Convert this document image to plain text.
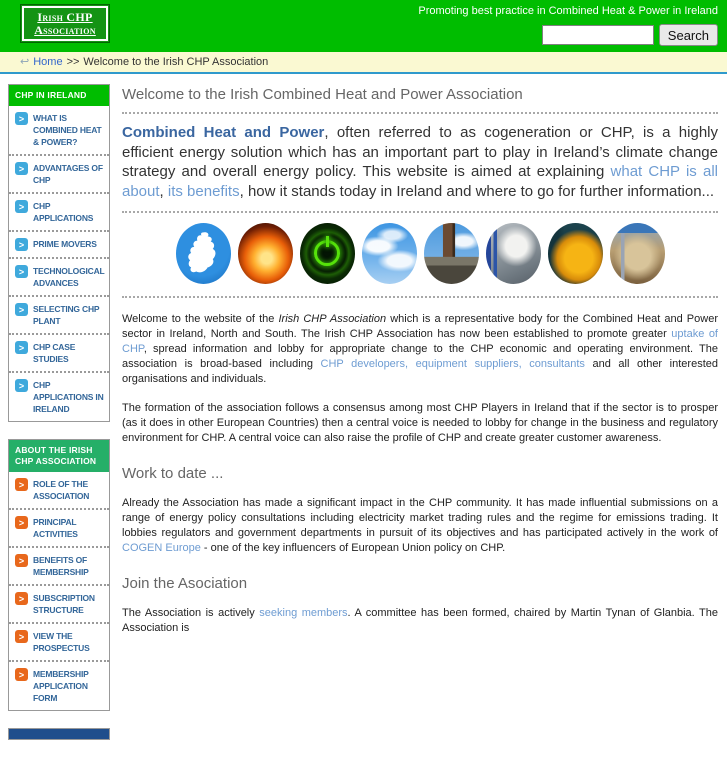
Irish CHP
Association
Promoting best practice in Combined Heat & Power in Ireland
Search
↩ Home >> Welcome to the Irish CHP Association
CHP IN IRELAND
>	WHAT IS COMBINED HEAT & POWER?
>	ADVANTAGES OF CHP
>	CHP APPLICATIONS
>	PRIME MOVERS
>	TECHNOLOGICAL ADVANCES
>	SELECTING CHP PLANT
>	CHP CASE STUDIES
>	CHP APPLICATIONS IN IRELAND
ABOUT THE IRISH CHP ASSOCIATION
>	ROLE OF THE ASSOCIATION
>	PRINCIPAL ACTIVITIES
>	BENEFITS OF MEMBERSHIP
>	SUBSCRIPTION STRUCTURE
>	VIEW THE PROSPECTUS
>	MEMBERSHIP APPLICATION FORM
Welcome to the Irish Combined Heat and Power Association

Combined Heat and Power, often referred to as cogeneration or CHP, is a highly efficient energy solution which has an important part to play in Ireland’s climate change strategy and overall energy policy. This website is aimed at explaining what CHP is all about, its benefits, how it stands today in Ireland and where to go for further information...

Welcome to the website of the Irish CHP Association which is a representative body for the Combined Heat and Power sector in Ireland, North and South. The Irish CHP Association has now been established to promote greater uptake of CHP, spread information and lobby for appropriate change to the CHP economic and operating environment. The association is broad-based including CHP developers, equipment suppliers, consultants and all other interested organisations and individuals.

The formation of the association follows a consensus among most CHP Players in Ireland that if the sector is to prosper (as it does in other European Countries) then a central voice is needed to lobby for change in the business and regulatory environment for CHP. A central voice can also raise the profile of CHP and create greater customer awareness.

Work to date ...

Already the Association has made a significant impact in the CHP community. It has made influential submissions on a range of energy policy consultations including electricity market trading rules and the regime for emissions trading. It lobbies regulators and government departments in pursuit of its objectives and has participated actively in the work of COGEN Europe - one of the key influencers of European Union policy on CHP.

Join the Asociation

The Association is actively seeking members. A committee has been formed, chaired by Martin Tynan of Glanbia. The Association is
